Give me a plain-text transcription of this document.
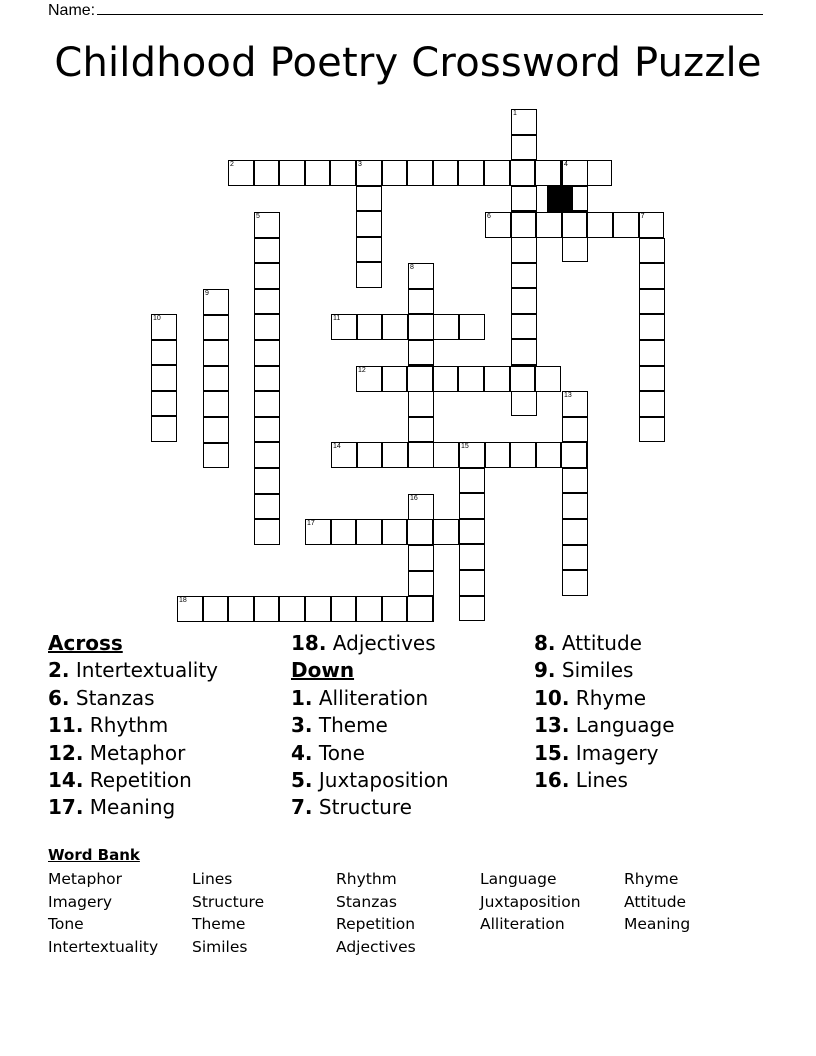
Name:
Childhood Poetry Crossword Puzzle
1
2	3	4
5	6	7
8
9
10	11
12
13
14	15
16
17
18
Across
2. Intertextuality
6. Stanzas
11. Rhythm
12. Metaphor
14. Repetition
17. Meaning
18. Adjectives
Down
1. Alliteration
3. Theme
4. Tone
5. Juxtaposition
7. Structure
8. Attitude
9. Similes
10. Rhyme
13. Language
15. Imagery
16. Lines
Word Bank
Metaphor
Imagery
Tone
Intertextuality
Lines
Structure
Theme
Similes
Rhythm
Stanzas
Repetition
Adjectives
Language
Juxtaposition
Alliteration
Rhyme
Attitude
Meaning
